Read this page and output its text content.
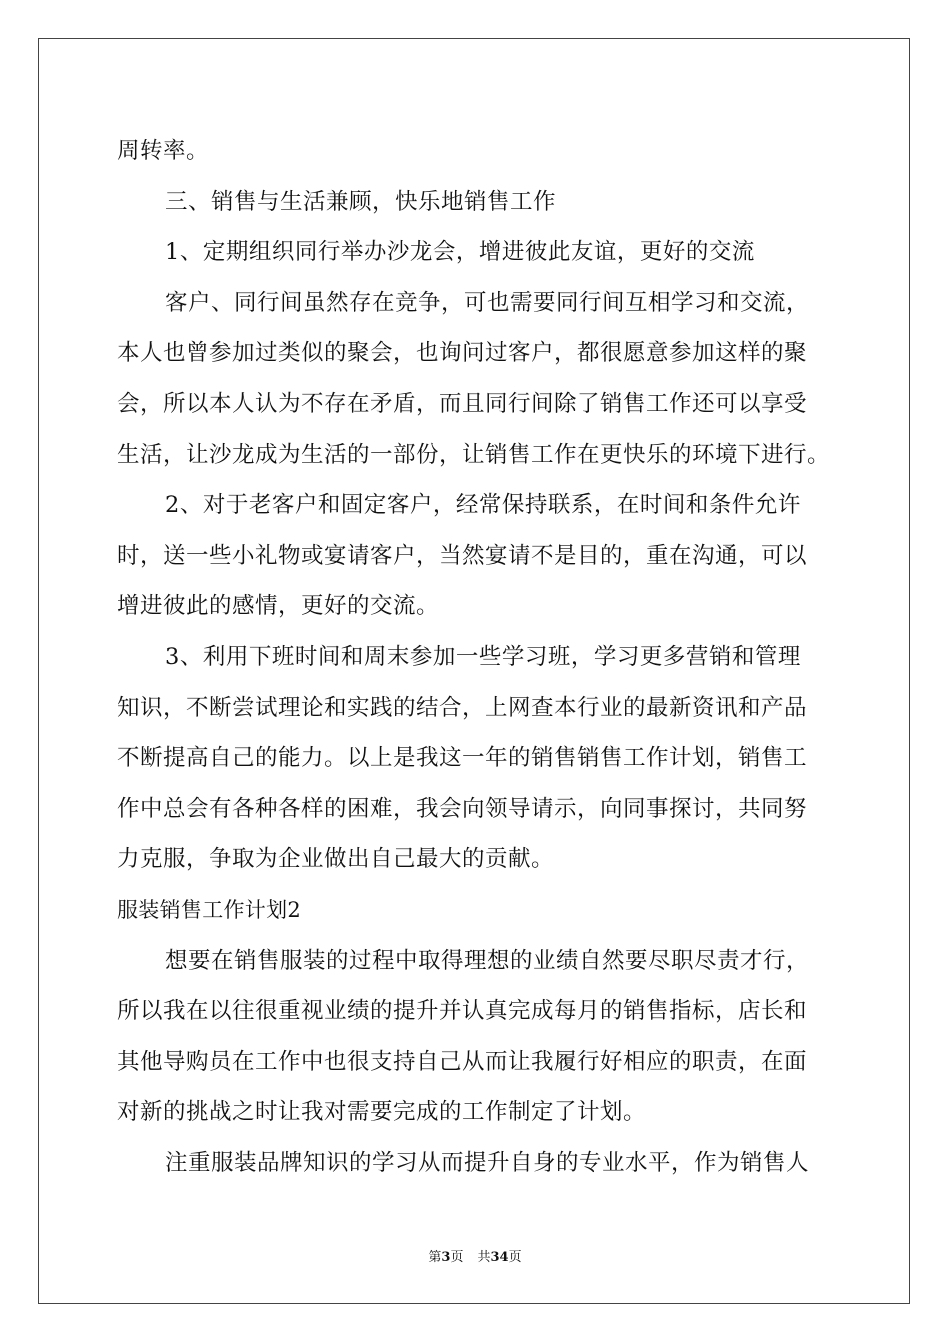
周转率。
三、销售与生活兼顾，快乐地销售工作
1、定期组织同行举办沙龙会，增进彼此友谊，更好的交流
客户、同行间虽然存在竞争，可也需要同行间互相学习和交流，
本人也曾参加过类似的聚会，也询问过客户，都很愿意参加这样的聚
会，所以本人认为不存在矛盾，而且同行间除了销售工作还可以享受
生活，让沙龙成为生活的一部份，让销售工作在更快乐的环境下进行。
2、对于老客户和固定客户，经常保持联系，在时间和条件允许
时，送一些小礼物或宴请客户，当然宴请不是目的，重在沟通，可以
增进彼此的感情，更好的交流。
3、利用下班时间和周末参加一些学习班，学习更多营销和管理
知识，不断尝试理论和实践的结合，上网查本行业的最新资讯和产品
不断提高自己的能力。以上是我这一年的销售销售工作计划，销售工
作中总会有各种各样的困难，我会向领导请示，向同事探讨，共同努
力克服，争取为企业做出自己最大的贡献。
服装销售工作计划2
想要在销售服装的过程中取得理想的业绩自然要尽职尽责才行，
所以我在以往很重视业绩的提升并认真完成每月的销售指标，店长和
其他导购员在工作中也很支持自己从而让我履行好相应的职责，在面
对新的挑战之时让我对需要完成的工作制定了计划。
注重服装品牌知识的学习从而提升自身的专业水平，作为销售人
第3页 共34页
